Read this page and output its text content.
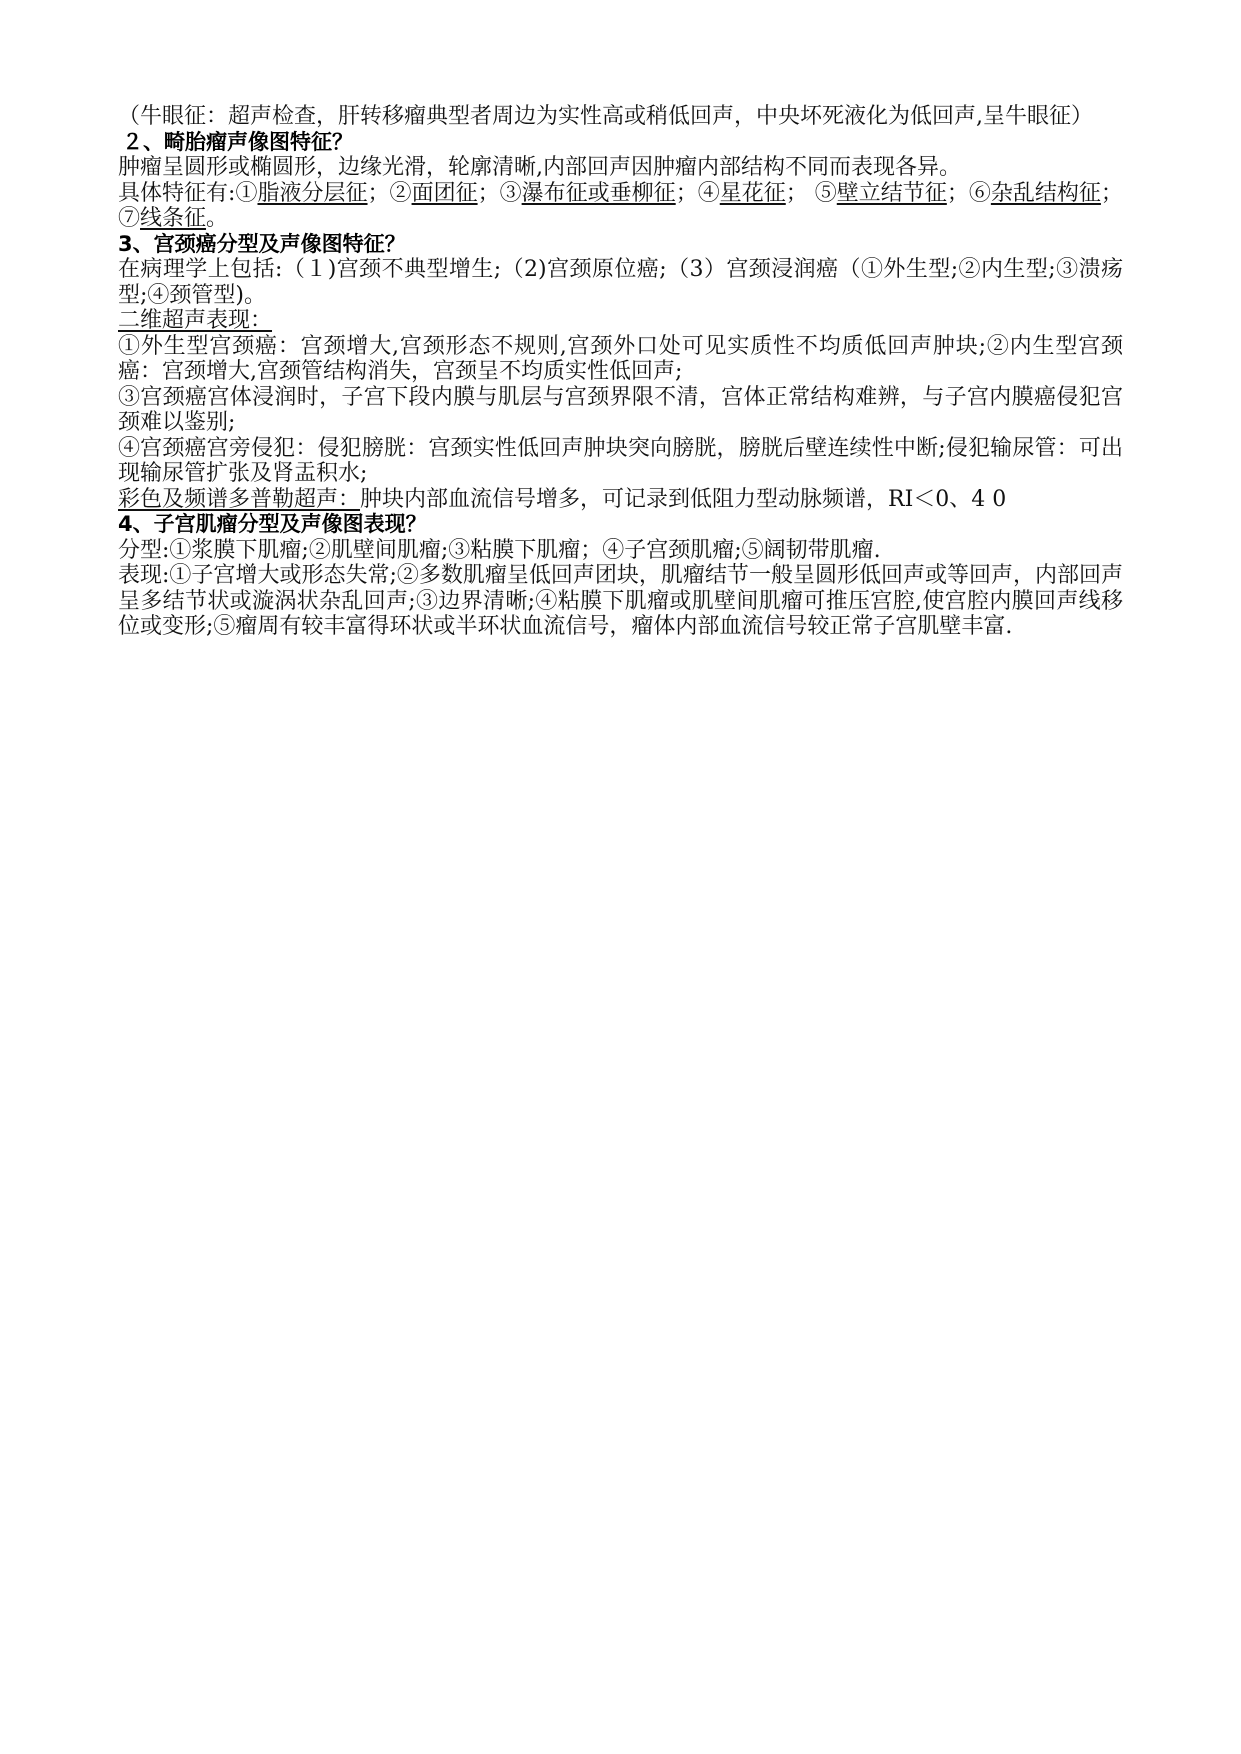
（牛眼征：超声检查，肝转移瘤典型者周边为实性高或稍低回声，中央坏死液化为低回声,呈牛眼征）

２、畸胎瘤声像图特征？

肿瘤呈圆形或椭圆形，边缘光滑，轮廓清晰,内部回声因肿瘤内部结构不同而表现各异。

具体特征有:①脂液分层征；②面团征；③瀑布征或垂柳征；④星花征； ⑤壁立结节征；⑥杂乱结构征；⑦线条征。

3、宫颈癌分型及声像图特征？

在病理学上包括:（１)宫颈不典型增生;（2)宫颈原位癌;（3）宫颈浸润癌（①外生型;②内生型;③溃疡型;④颈管型)。

二维超声表现：

①外生型宫颈癌：宫颈增大,宫颈形态不规则,宫颈外口处可见实质性不均质低回声肿块;②内生型宫颈癌：宫颈增大,宫颈管结构消失，宫颈呈不均质实性低回声;

③宫颈癌宫体浸润时，子宫下段内膜与肌层与宫颈界限不清，宫体正常结构难辨，与子宫内膜癌侵犯宫颈难以鉴别;

④宫颈癌宫旁侵犯：侵犯膀胱：宫颈实性低回声肿块突向膀胱，膀胱后壁连续性中断;侵犯输尿管：可出现输尿管扩张及肾盂积水;

彩色及频谱多普勒超声：肿块内部血流信号增多，可记录到低阻力型动脉频谱，RI＜0、4 0

4、子宫肌瘤分型及声像图表现？

分型:①浆膜下肌瘤;②肌壁间肌瘤;③粘膜下肌瘤；④子宫颈肌瘤;⑤阔韧带肌瘤.

表现:①子宫增大或形态失常;②多数肌瘤呈低回声团块，肌瘤结节一般呈圆形低回声或等回声，内部回声呈多结节状或漩涡状杂乱回声;③边界清晰;④粘膜下肌瘤或肌壁间肌瘤可推压宫腔,使宫腔内膜回声线移位或变形;⑤瘤周有较丰富得环状或半环状血流信号，瘤体内部血流信号较正常子宫肌壁丰富.
